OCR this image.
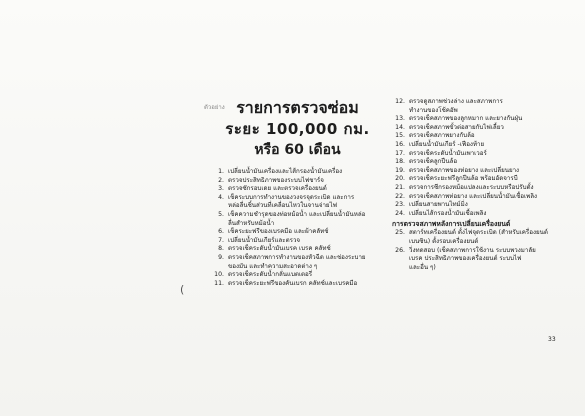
ตัวอย่าง รายการตรวจซ่อม
ระยะ 100,000 กม.
หรือ 60 เดือน
1. เปลี่ยนน้ำมันเครื่องและไส้กรองน้ำมันเครื่อง
2. ตรวจประสิทธิภาพของระบบไฟชาร์จ
3. ตรวจซักรอบเดย และตรวจเครื่องยนต์
4. เช็คระบบการทำงานของวงจรจุดระเบิด และการ
หล่อลื่นชิ้นส่วนที่เคลื่อนไหวในจานจ่ายไฟ
5. เช็คความชำรุดของท่อหม้อน้ำ และเปลี่ยนน้ำมันหล่อ
ลื่นสำหรับหม้อน้ำ
6. เช็คระยะฟรีของเบรคมือ และผ้าคลัทช์
7. เปลี่ยนน้ำมันเกียร์และตรวจ
8. ตรวจเช็คระดับน้ำมันเบรค เบรค คลัทช์
9. ตรวจเช็คสภาพการทำงานของหัวฉีด และช่องระบาย
ของมัน และทำความสะอาดต่าง ๆ
10. ตรวจเช็คระดับน้ำกลั่นแบตเตอรี่
11. ตรวจเช็คระยะฟรีของคันเบรก คลัทช์และเบรคมือ
12. ตรวจดูสภาพช่วงล่าง และสภาพการ
ทำงานของโช้คอัพ
13. ตรวจเช็คสภาพของลูกหมาก และยางกันฝุ่น
14. ตรวจเช็คสภาพขั้วต่อสายกับไฟเลี้ยว
15. ตรวจเช็คสภาพยางกับล้อ
16. เปลี่ยนน้ำมันเกียร์ -เฟืองท้าย
17. ตรวจเช็คระดับน้ำมันเพาเวอร์
18. ตรวจเช็คลูกปืนล้อ
19. ตรวจเช็คสภาพของท่อยาง และเปลี่ยนยาง
20. ตรวจเช็คระยะฟรีลูกปืนล้อ พร้อมอัดจารบี
21. ตรวจการซีกรองหม้อแปลงและระบบหรือปรับตั้ง
22. ตรวจเช็คสภาพท่อยาง และเปลี่ยนน้ำมันเชื้อเพลิง
23. เปลี่ยนสายพานไทม์มิ่ง
24. เปลี่ยนไส้กรองน้ำมันเชื้อเพลิง
การตรวจสภาพหลังการเปลี่ยนเครื่องยนต์
25. สตาร์ทเครื่องยนต์ ตั้งไฟจุดระเบิด (สำหรับเครื่องยนต์
เบนซิน) ตั้งรอบเครื่องยนต์
26. วิ่งทดสอบ (เช็คสภาพการใช้งาน ระบบพวงมาลัย
เบรค ประสิทธิภาพของเครื่องยนต์ ระบบไฟ
และอื่น ๆ)
(
33
